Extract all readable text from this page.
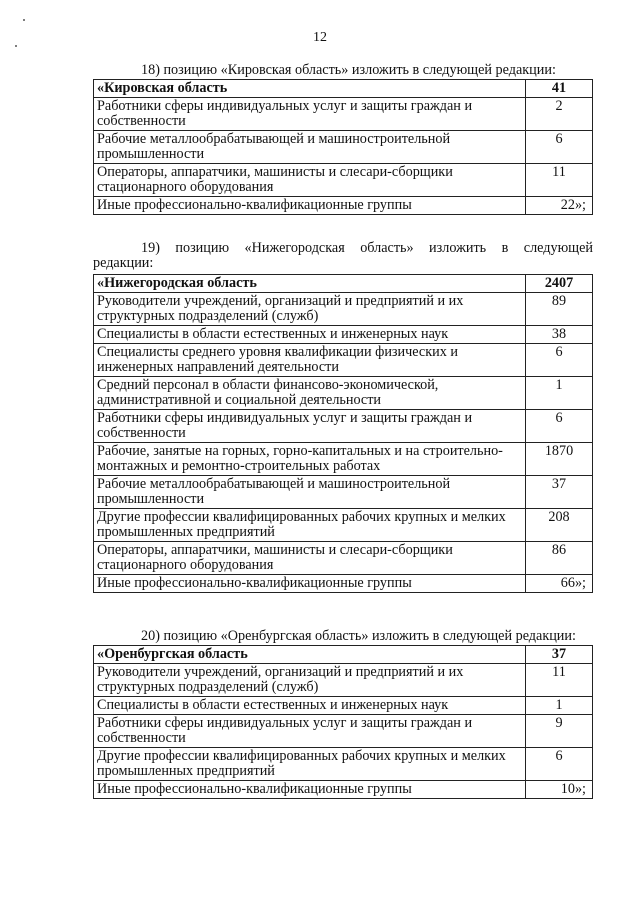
12
18) позицию «Кировская область» изложить в следующей редакции:
«Кировская область	41
Работники сферы индивидуальных услуг и защиты граждан и собственности	2
Рабочие металлообрабатывающей и машиностроительной промышленности	6
Операторы, аппаратчики, машинисты и слесари-сборщики стационарного оборудования	11
Иные профессионально-квалификационные группы	22»;
19) позицию «Нижегородская область» изложить в следующей
редакции:
«Нижегородская область	2407
Руководители учреждений, организаций и предприятий и их структурных подразделений (служб)	89
Специалисты в области естественных и инженерных наук	38
Специалисты среднего уровня квалификации физических и инженерных направлений деятельности	6
Средний персонал в области финансово-экономической, административной и социальной деятельности	1
Работники сферы индивидуальных услуг и защиты граждан и собственности	6
Рабочие, занятые на горных, горно-капитальных и на строительно-монтажных и ремонтно-строительных работах	1870
Рабочие металлообрабатывающей и машиностроительной промышленности	37
Другие профессии квалифицированных рабочих крупных и мелких промышленных предприятий	208
Операторы, аппаратчики, машинисты и слесари-сборщики стационарного оборудования	86
Иные профессионально-квалификационные группы	66»;
20) позицию «Оренбургская область» изложить в следующей редакции:
«Оренбургская область	37
Руководители учреждений, организаций и предприятий и их структурных подразделений (служб)	11
Специалисты в области естественных и инженерных наук	1
Работники сферы индивидуальных услуг и защиты граждан и собственности	9
Другие профессии квалифицированных рабочих крупных и мелких промышленных предприятий	6
Иные профессионально-квалификационные группы	10»;
